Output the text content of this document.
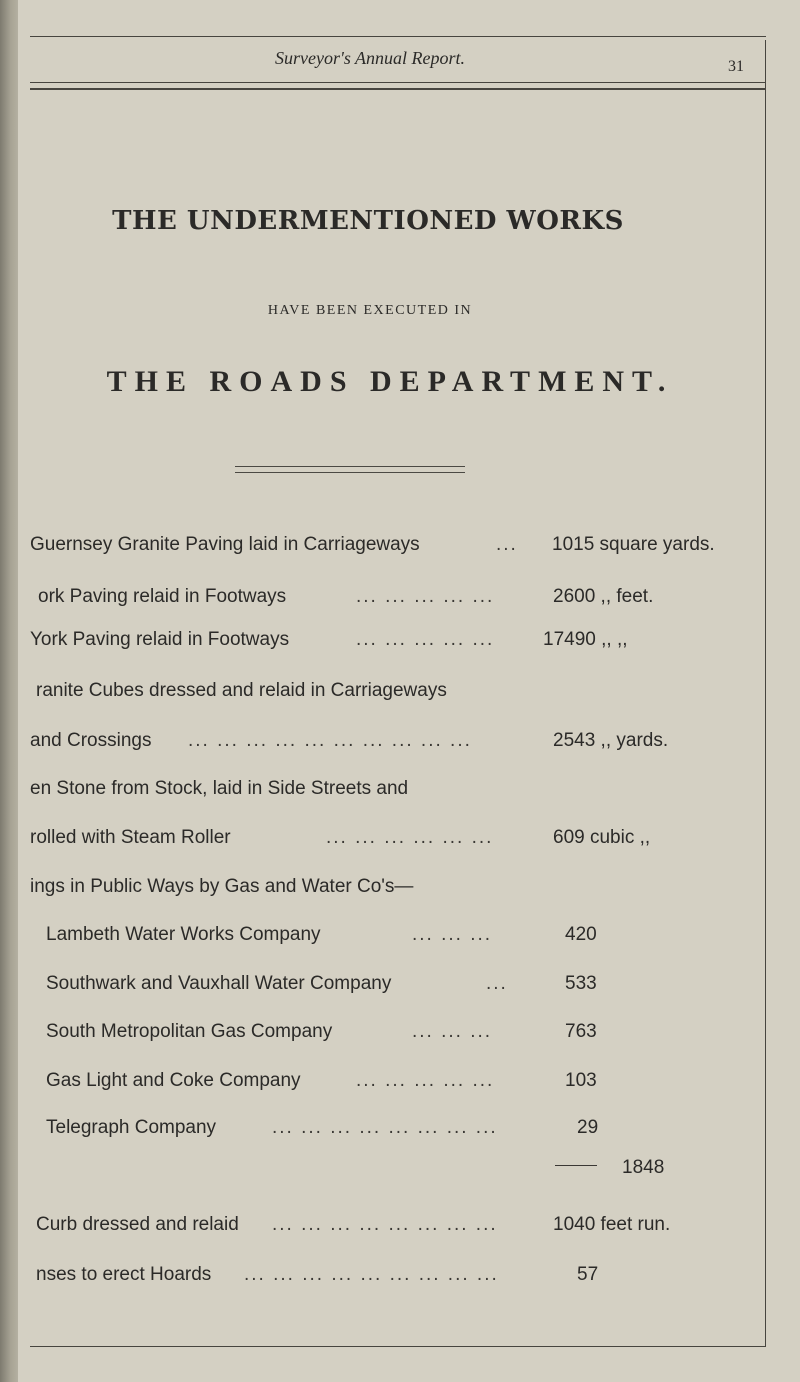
Surveyor's Annual Report.	31
THE UNDERMENTIONED WORKS
HAVE BEEN EXECUTED IN
THE ROADS DEPARTMENT.
Guernsey Granite Paving laid in Carriageways	... 1015 square yards.
ork Paving relaid in Footways	... ... ... ... ...	2600 ,, feet.
York Paving relaid in Footways	... ... ... ... ...	17490 ,, ,,
ranite Cubes dressed and relaid in Carriageways
and Crossings ... ... ... ... ... ... ... ... ... ...	2543 ,, yards.
en Stone from Stock, laid in Side Streets and
rolled with Steam Roller	... ... ... ... ... ...	609 cubic ,,
ings in Public Ways by Gas and Water Co's—
Lambeth Water Works Company	... ... ...	420
Southwark and Vauxhall Water Company	...	533
South Metropolitan Gas Company	... ... ...	763
Gas Light and Coke Company	... ... ... ... ...	103
Telegraph Company	... ... ... ... ... ... ... ...	29
1848
Curb dressed and relaid ... ... ... ... ... ... ... ...	1040 feet run.
nses to erect Hoards ... ... ... ... ... ... ... ... ...	57
